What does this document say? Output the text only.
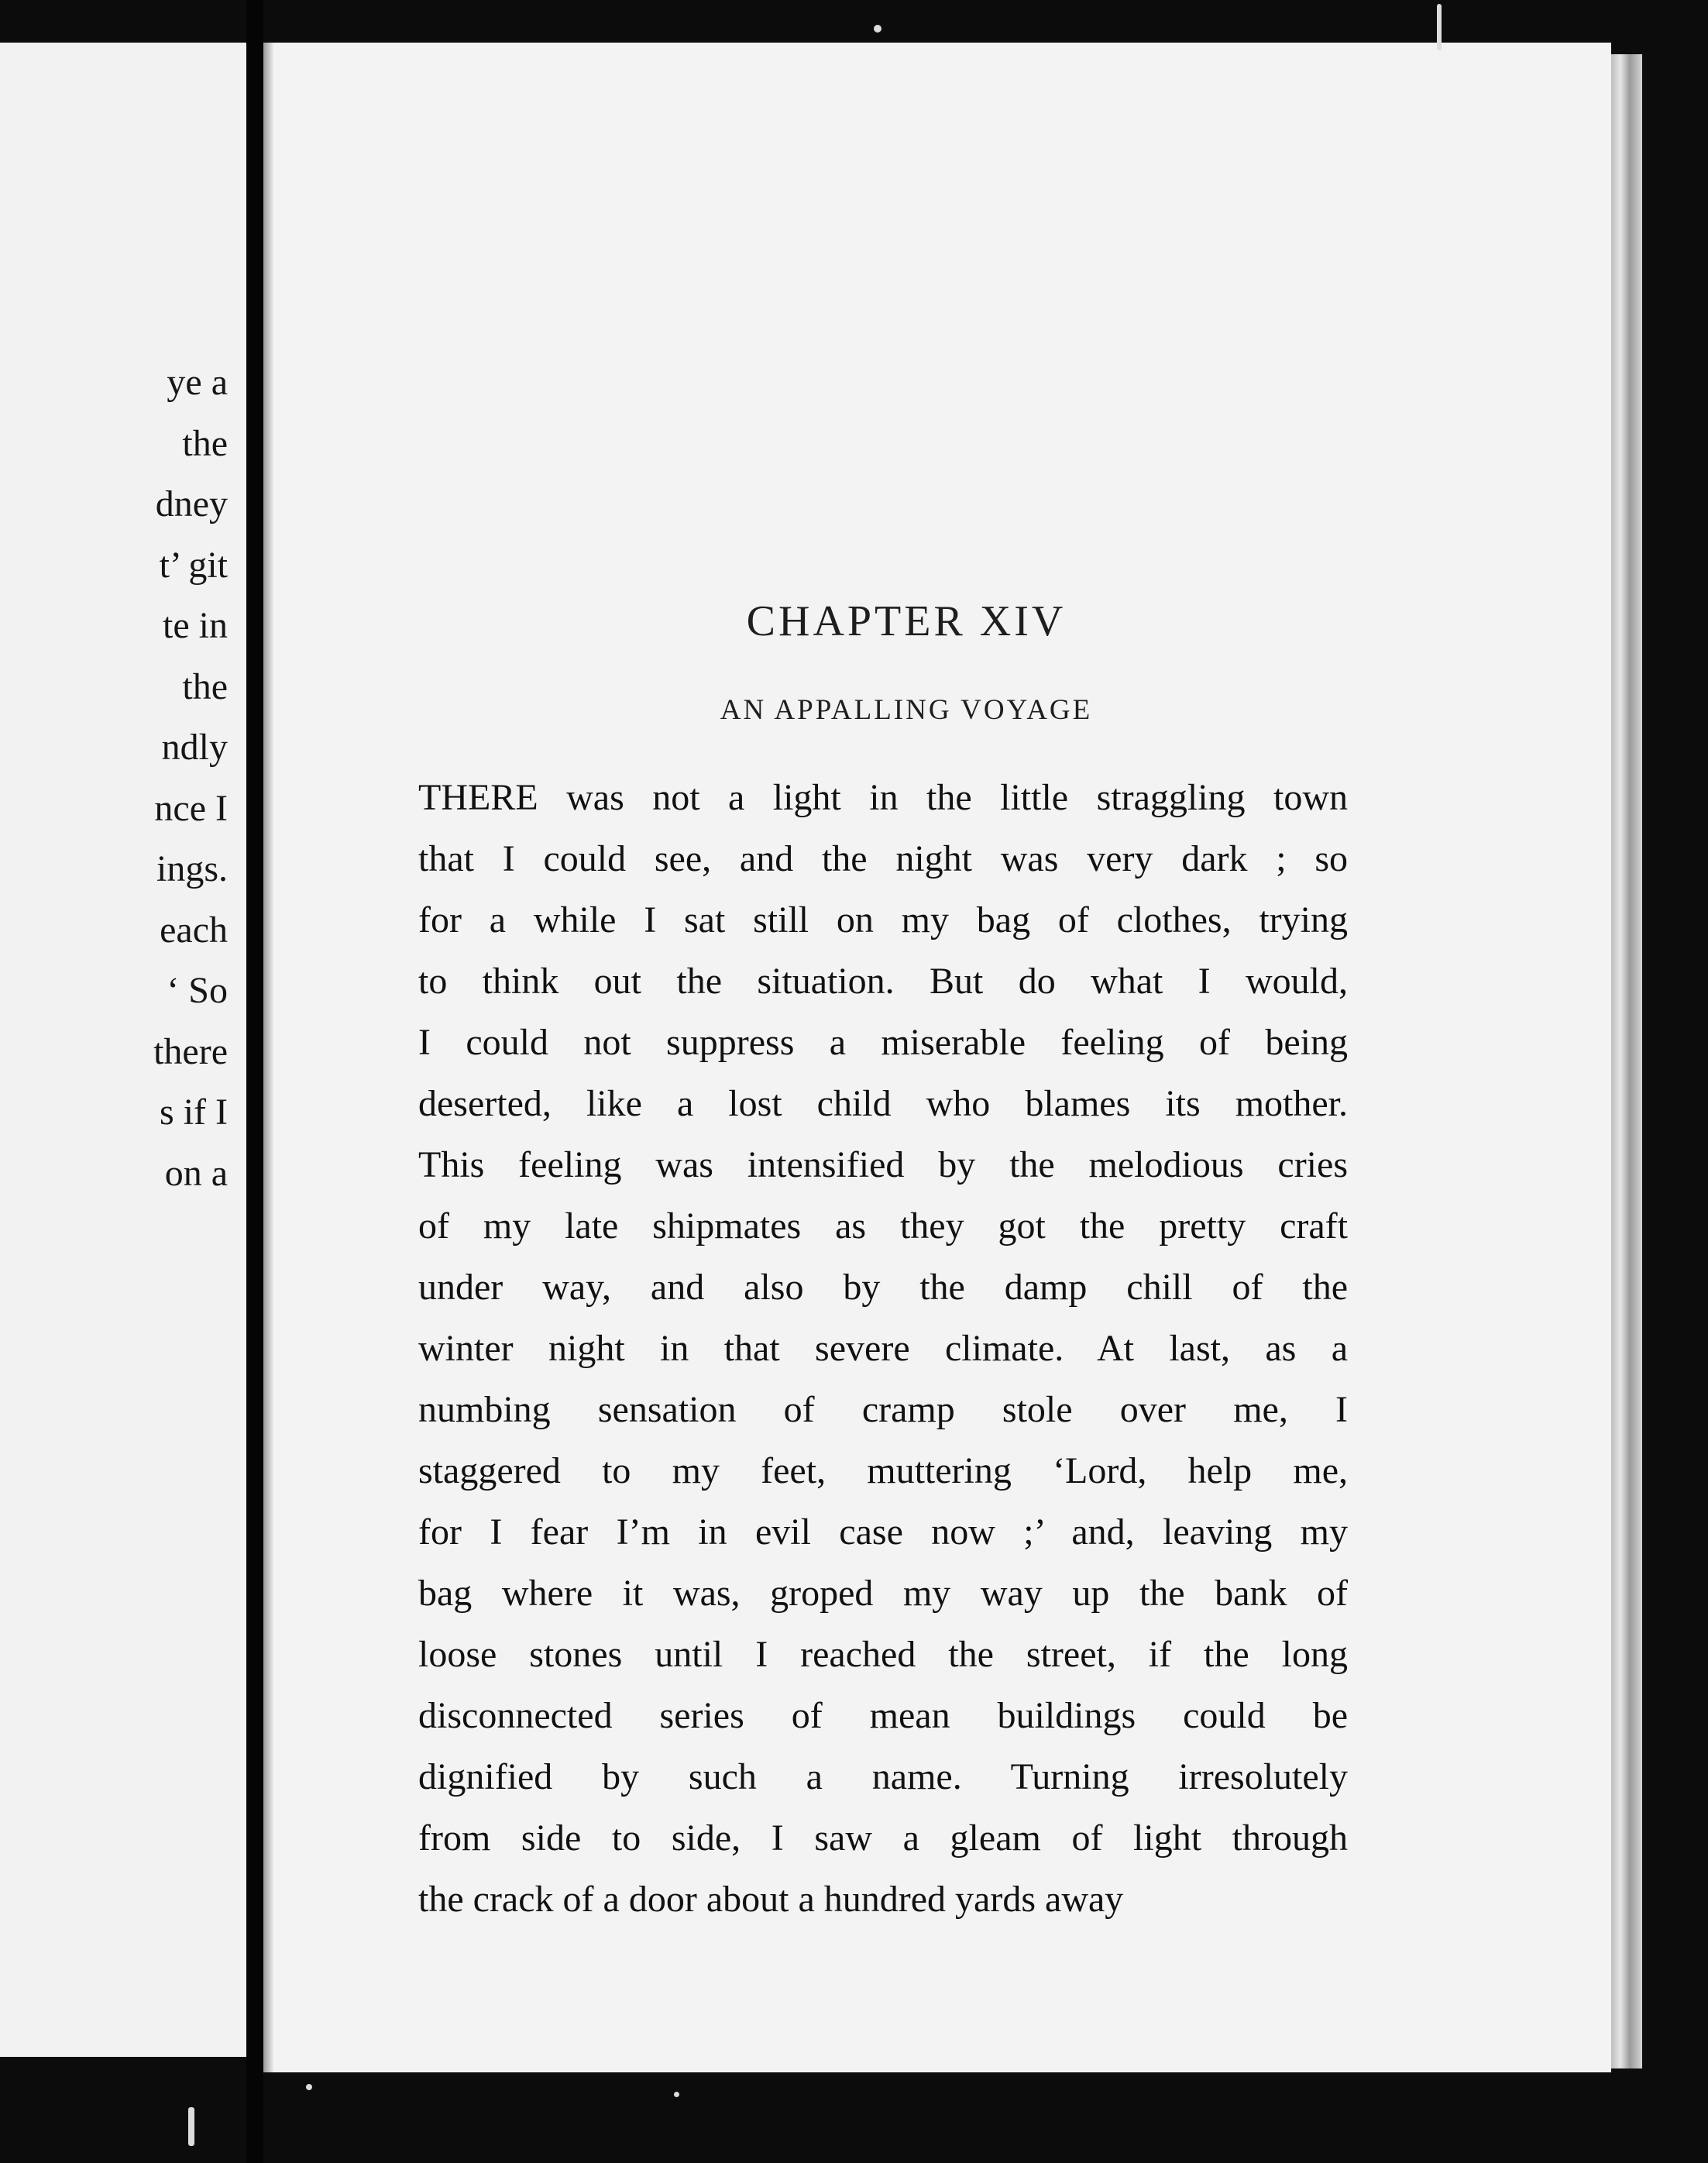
ye a
the
dney
t’ git
te in
the
ndly
nce I
ings.
each
‘ So
there
s if I
on a
CHAPTER XIV
AN APPALLING VOYAGE
THERE was not a light in the little straggling town
that I could see, and the night was very dark ; so
for a while I sat still on my bag of clothes, trying
to think out the situation. But do what I would,
I could not suppress a miserable feeling of being
deserted, like a lost child who blames its mother.
This feeling was intensified by the melodious cries
of my late shipmates as they got the pretty craft
under way, and also by the damp chill of the
winter night in that severe climate. At last, as a
numbing sensation of cramp stole over me, I
staggered to my feet, muttering ‘Lord, help me,
for I fear I’m in evil case now ;’ and, leaving my
bag where it was, groped my way up the bank of
loose stones until I reached the street, if the long
disconnected series of mean buildings could be
dignified by such a name. Turning irresolutely
from side to side, I saw a gleam of light through
the crack of a door about a hundred yards away
